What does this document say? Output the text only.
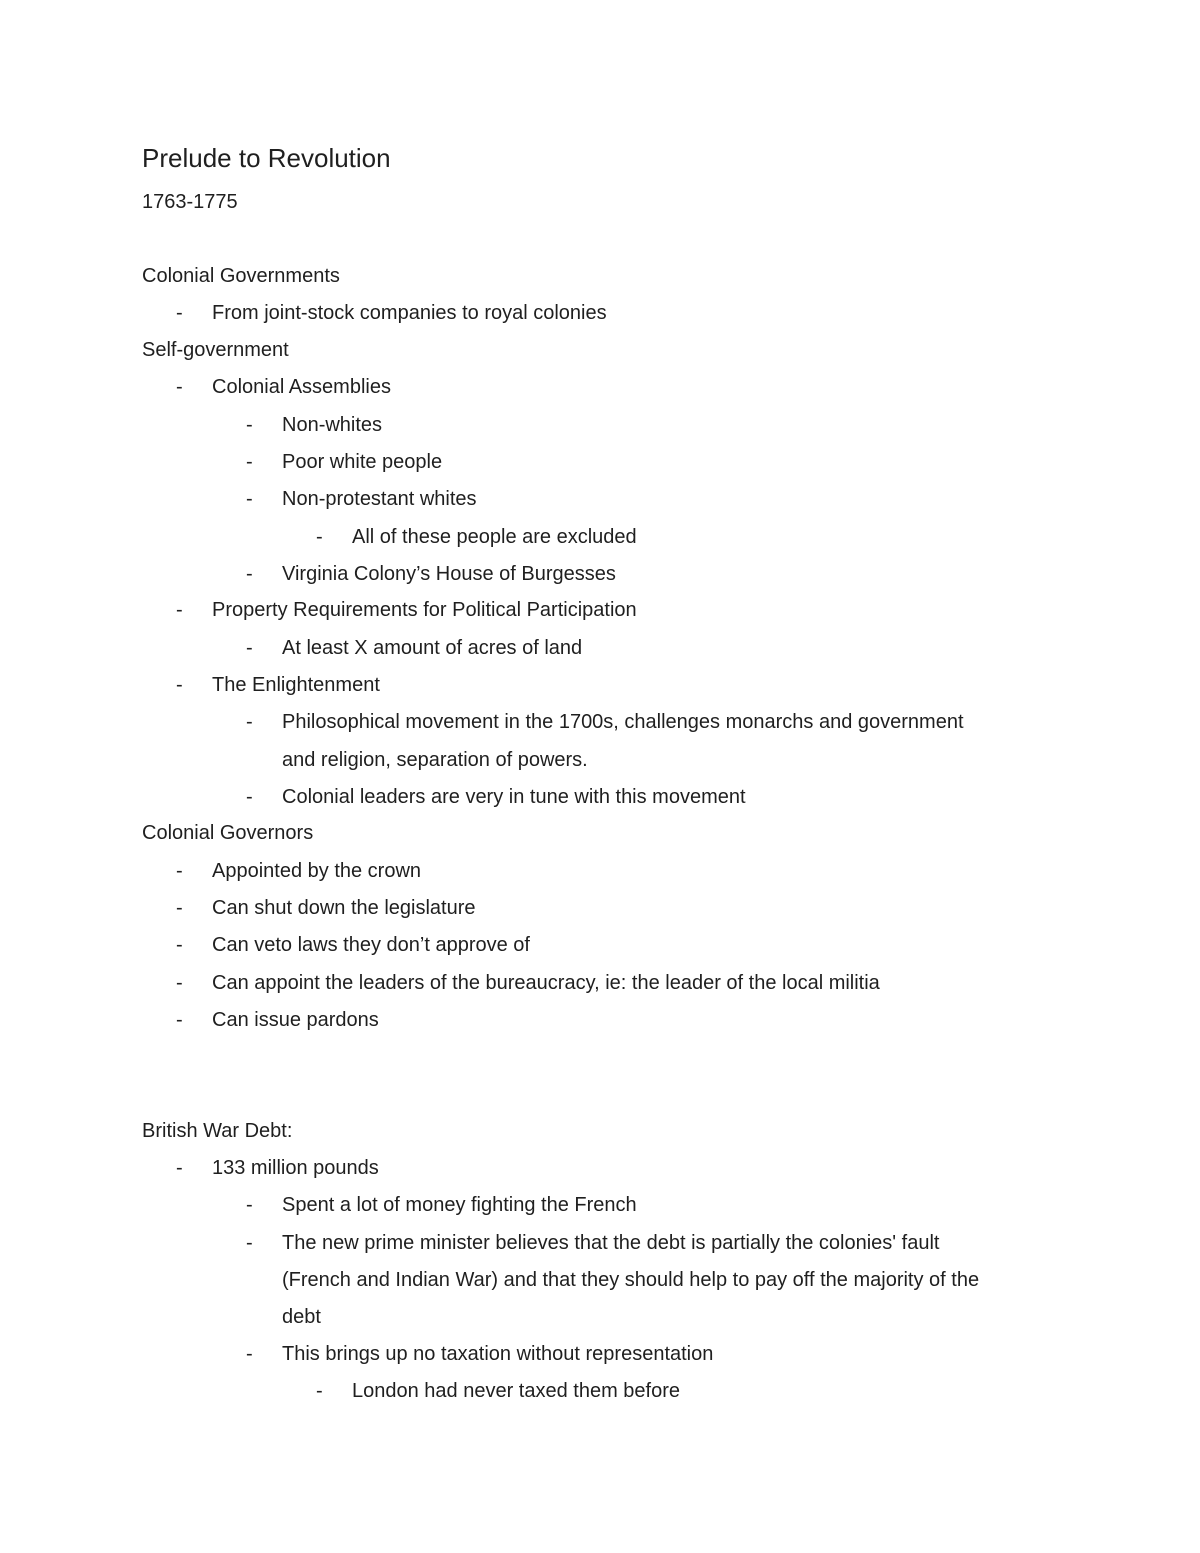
Prelude to Revolution
1763-1775
Colonial Governments
- From joint-stock companies to royal colonies
Self-government
- Colonial Assemblies
- Non-whites
- Poor white people
- Non-protestant whites
- All of these people are excluded
- Virginia Colony’s House of Burgesses
- Property Requirements for Political Participation
- At least X amount of acres of land
- The Enlightenment
- Philosophical movement in the 1700s, challenges monarchs and government
and religion, separation of powers.
- Colonial leaders are very in tune with this movement
Colonial Governors
- Appointed by the crown
- Can shut down the legislature
- Can veto laws they don’t approve of
- Can appoint the leaders of the bureaucracy, ie: the leader of the local militia
- Can issue pardons
British War Debt:
- 133 million pounds
- Spent a lot of money fighting the French
- The new prime minister believes that the debt is partially the colonies' fault
(French and Indian War) and that they should help to pay off the majority of the
debt
- This brings up no taxation without representation
- London had never taxed them before
